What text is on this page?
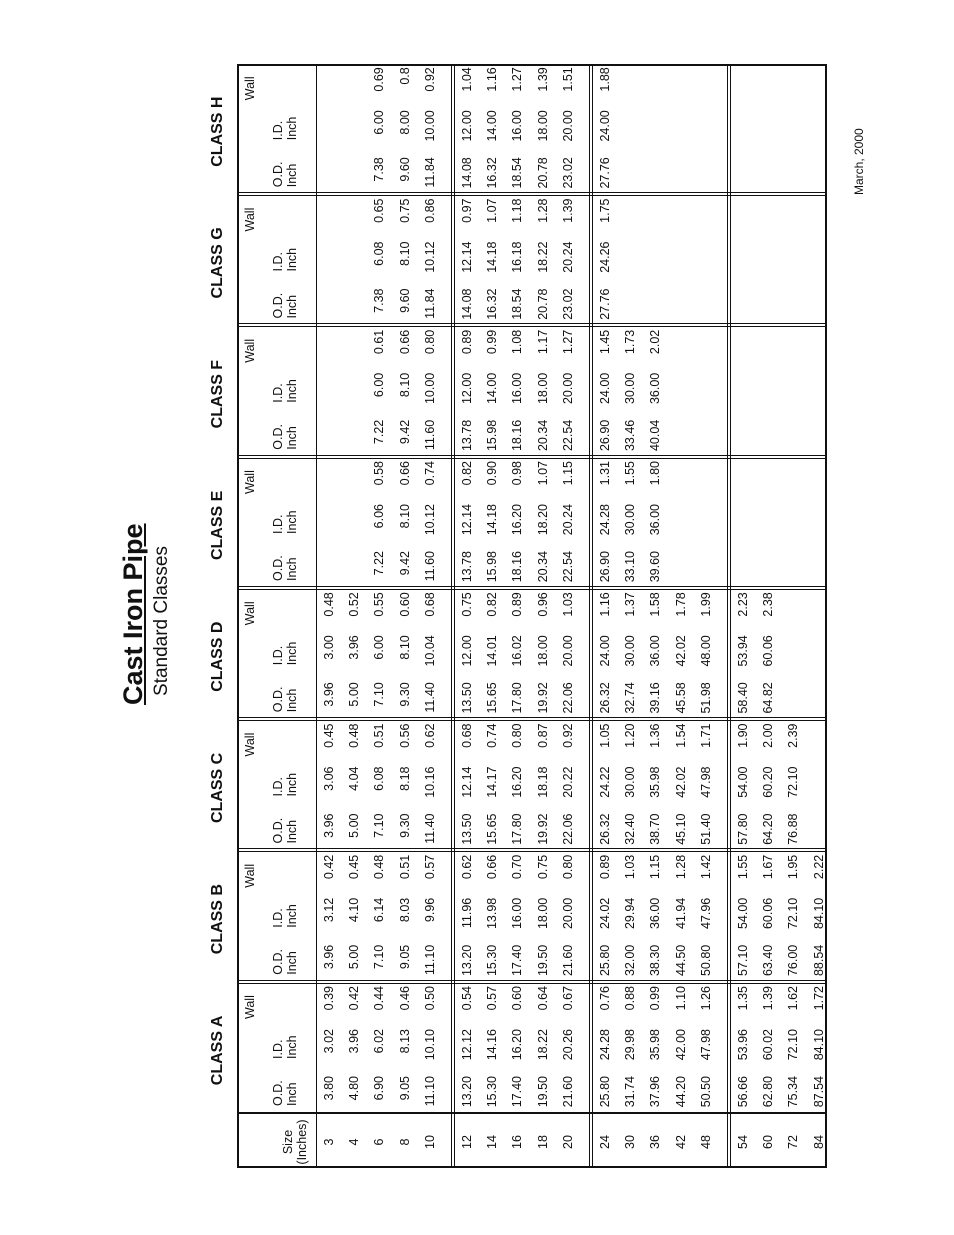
Cast Iron Pipe Standard Classes
March, 2000
CLASS A
CLASS B
CLASS C
CLASS D
CLASS E
CLASS F
CLASS G
CLASS H
Size (Inches)
O.D. Inch
I.D. Inch
Wall
O.D. Inch
I.D. Inch
Wall
O.D. Inch
I.D. Inch
Wall
O.D. Inch
I.D. Inch
Wall
O.D. Inch
I.D. Inch
Wall
O.D. Inch
I.D. Inch
Wall
O.D. Inch
I.D. Inch
Wall
O.D. Inch
I.D. Inch
Wall
3
3.80
3.02
0.39
3.96
3.12
0.42
3.96
3.06
0.45
3.96
3.00
0.48
4
4.80
3.96
0.42
5.00
4.10
0.45
5.00
4.04
0.48
5.00
3.96
0.52
6
6.90
6.02
0.44
7.10
6.14
0.48
7.10
6.08
0.51
7.10
6.00
0.55
7.22
6.06
0.58
7.22
6.00
0.61
7.38
6.08
0.65
7.38
6.00
0.69
8
9.05
8.13
0.46
9.05
8.03
0.51
9.30
8.18
0.56
9.30
8.10
0.60
9.42
8.10
0.66
9.42
8.10
0.66
9.60
8.10
0.75
9.60
8.00
0.8
10
11.10
10.10
0.50
11.10
9.96
0.57
11.40
10.16
0.62
11.40
10.04
0.68
11.60
10.12
0.74
11.60
10.00
0.80
11.84
10.12
0.86
11.84
10.00
0.92
12
13.20
12.12
0.54
13.20
11.96
0.62
13.50
12.14
0.68
13.50
12.00
0.75
13.78
12.14
0.82
13.78
12.00
0.89
14.08
12.14
0.97
14.08
12.00
1.04
14
15.30
14.16
0.57
15.30
13.98
0.66
15.65
14.17
0.74
15.65
14.01
0.82
15.98
14.18
0.90
15.98
14.00
0.99
16.32
14.18
1.07
16.32
14.00
1.16
16
17.40
16.20
0.60
17.40
16.00
0.70
17.80
16.20
0.80
17.80
16.02
0.89
18.16
16.20
0.98
18.16
16.00
1.08
18.54
16.18
1.18
18.54
16.00
1.27
18
19.50
18.22
0.64
19.50
18.00
0.75
19.92
18.18
0.87
19.92
18.00
0.96
20.34
18.20
1.07
20.34
18.00
1.17
20.78
18.22
1.28
20.78
18.00
1.39
20
21.60
20.26
0.67
21.60
20.00
0.80
22.06
20.22
0.92
22.06
20.00
1.03
22.54
20.24
1.15
22.54
20.00
1.27
23.02
20.24
1.39
23.02
20.00
1.51
24
25.80
24.28
0.76
25.80
24.02
0.89
26.32
24.22
1.05
26.32
24.00
1.16
26.90
24.28
1.31
26.90
24.00
1.45
27.76
24.26
1.75
27.76
24.00
1.88
30
31.74
29.98
0.88
32.00
29.94
1.03
32.40
30.00
1.20
32.74
30.00
1.37
33.10
30.00
1.55
33.46
30.00
1.73
36
37.96
35.98
0.99
38.30
36.00
1.15
38.70
35.98
1.36
39.16
36.00
1.58
39.60
36.00
1.80
40.04
36.00
2.02
42
44.20
42.00
1.10
44.50
41.94
1.28
45.10
42.02
1.54
45.58
42.02
1.78
48
50.50
47.98
1.26
50.80
47.96
1.42
51.40
47.98
1.71
51.98
48.00
1.99
54
56.66
53.96
1.35
57.10
54.00
1.55
57.80
54.00
1.90
58.40
53.94
2.23
60
62.80
60.02
1.39
63.40
60.06
1.67
64.20
60.20
2.00
64.82
60.06
2.38
72
75.34
72.10
1.62
76.00
72.10
1.95
76.88
72.10
2.39
84
87.54
84.10
1.72
88.54
84.10
2.22
